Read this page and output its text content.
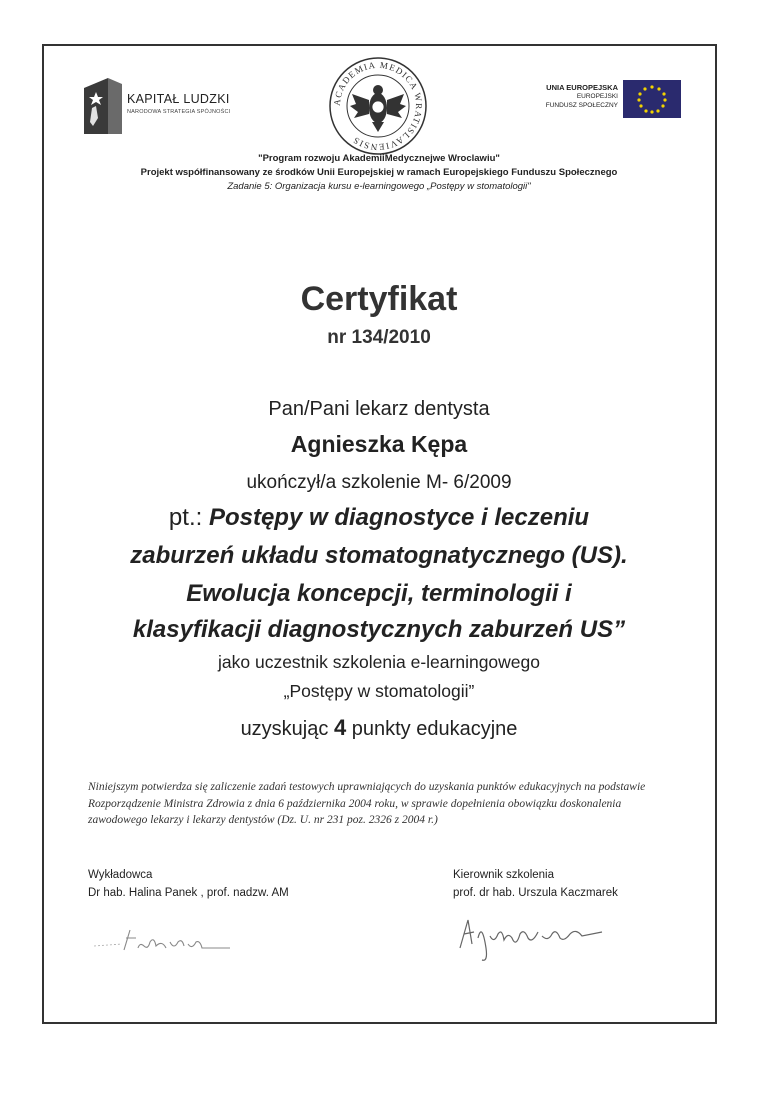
KAPITAŁ LUDZKI
NARODOWA STRATEGIA SPÓJNOŚCI
ACADEMIA MEDICA WRATISLAVIENSIS
UNIA EUROPEJSKA
EUROPEJSKI
FUNDUSZ SPOŁECZNY
"Program rozwoju AkademiiMedycznejwe Wroclawiu"
Projekt współfinansowany ze środków Unii Europejskiej w ramach Europejskiego Funduszu Społecznego
Zadanie 5: Organizacja kursu e-learningowego „Postępy w stomatologii"
Certyfikat
nr 134/2010
Pan/Pani lekarz dentysta
Agnieszka Kępa
ukończył/a szkolenie M- 6/2009
pt.: Postępy w diagnostyce i leczeniu
zaburzeń układu stomatognatycznego (US).
Ewolucja koncepcji, terminologii i
klasyfikacji diagnostycznych zaburzeń US”
jako uczestnik szkolenia e-learningowego
„Postępy w stomatologii”
uzyskując 4 punkty edukacyjne
Niniejszym potwierdza się zaliczenie zadań testowych uprawniających do uzyskania punktów edukacyjnych na podstawie Rozporządzenie Ministra Zdrowia z dnia 6 października 2004 roku, w sprawie dopełnienia obowiązku doskonalenia zawodowego lekarzy i lekarzy dentystów (Dz. U. nr 231 poz. 2326 z 2004 r.)
Wykładowca
Dr hab. Halina Panek , prof. nadzw. AM
Kierownik szkolenia
prof. dr hab. Urszula Kaczmarek
